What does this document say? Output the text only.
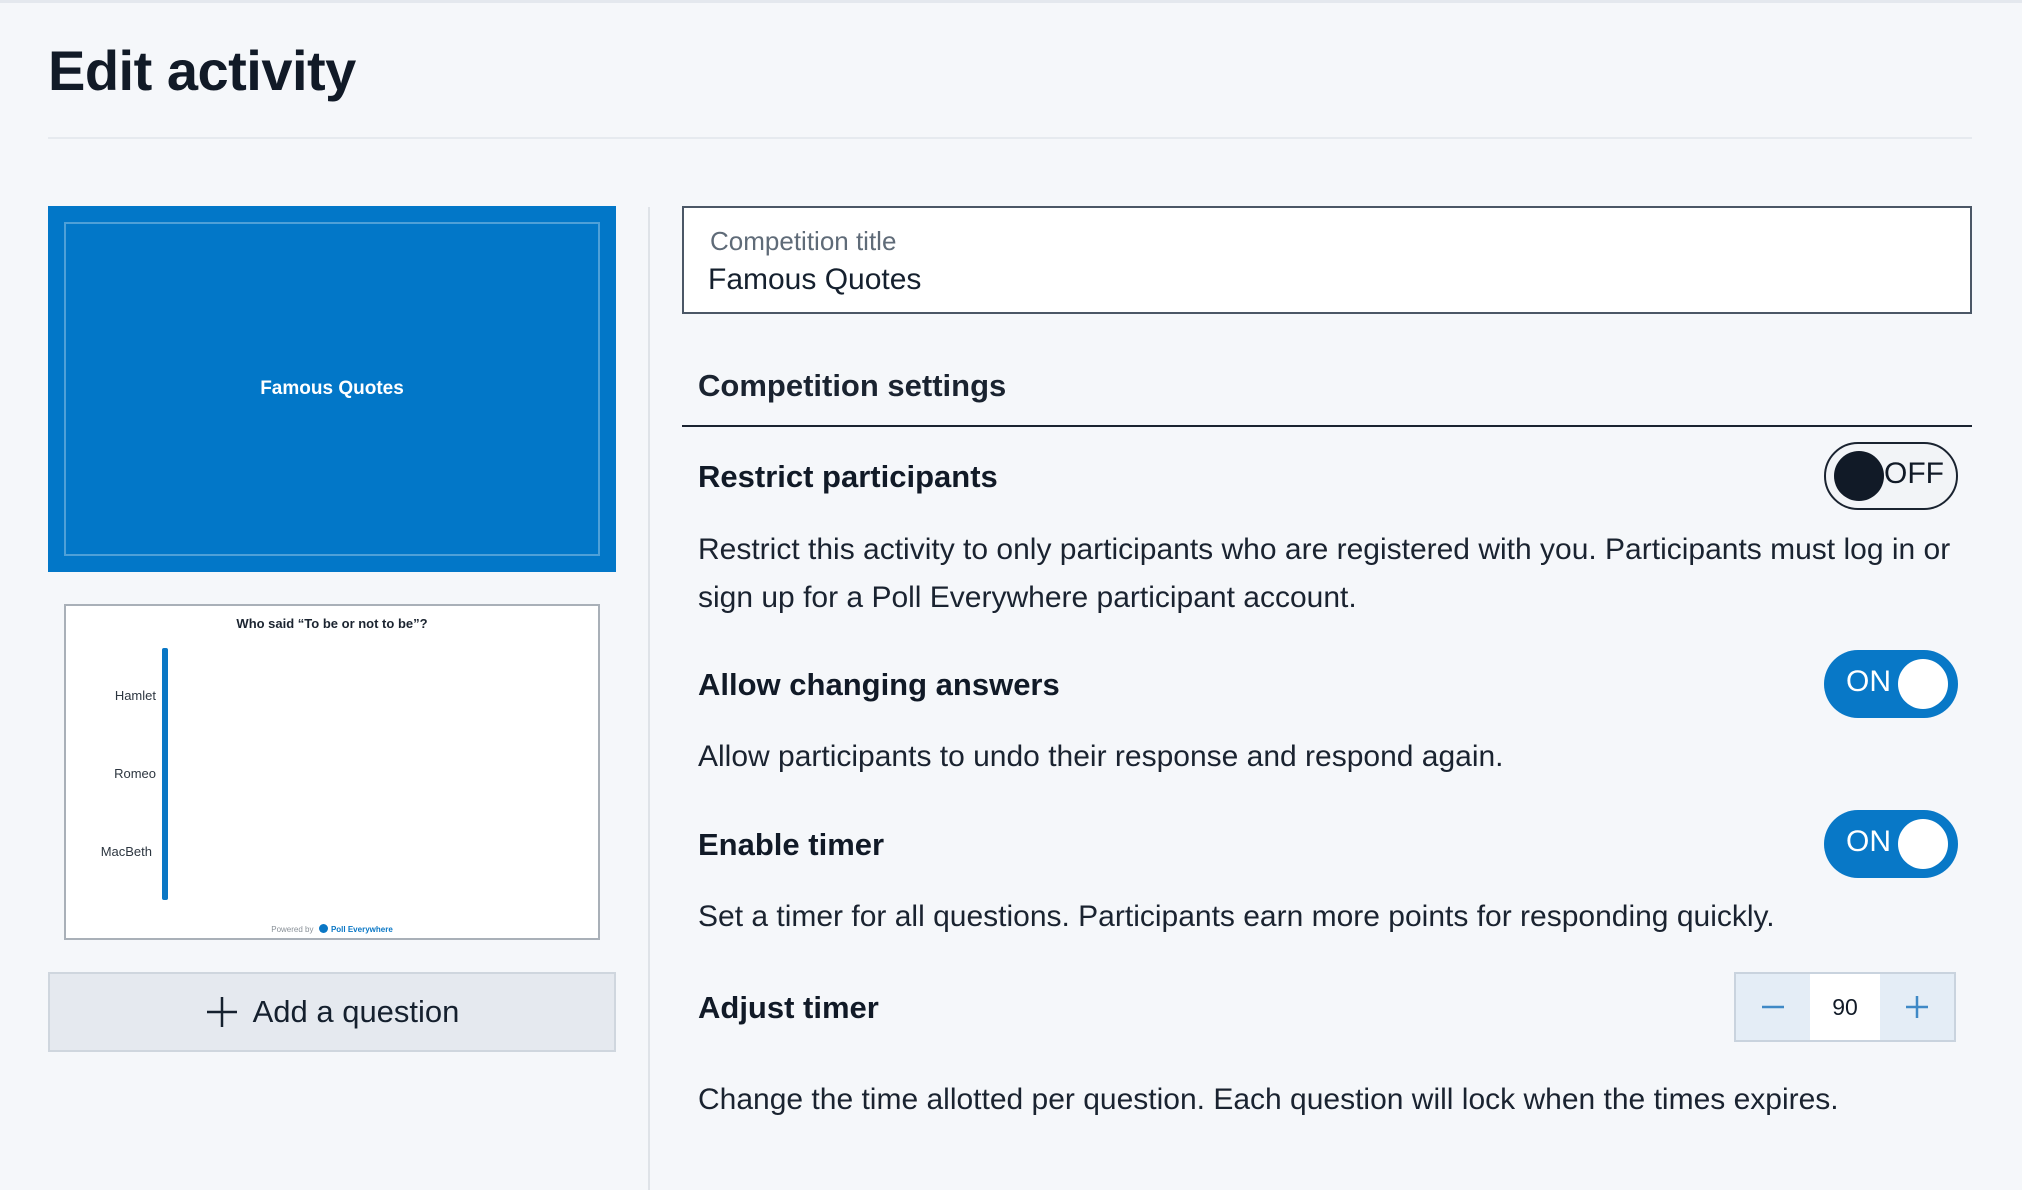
Edit activity
Famous Quotes
Who said “To be or not to be”?
Hamlet
Romeo
MacBeth
Powered by Poll Everywhere
Add a question
Competition title
Famous Quotes
Competition settings
Restrict participants	OFF
Restrict this activity to only participants who are registered with you. Participants must log in or sign up for a Poll Everywhere participant account.
Allow changing answers	ON
Allow participants to undo their response and respond again.
Enable timer	ON
Set a timer for all questions. Participants earn more points for responding quickly.
Adjust timer	90
Change the time allotted per question. Each question will lock when the times expires.
